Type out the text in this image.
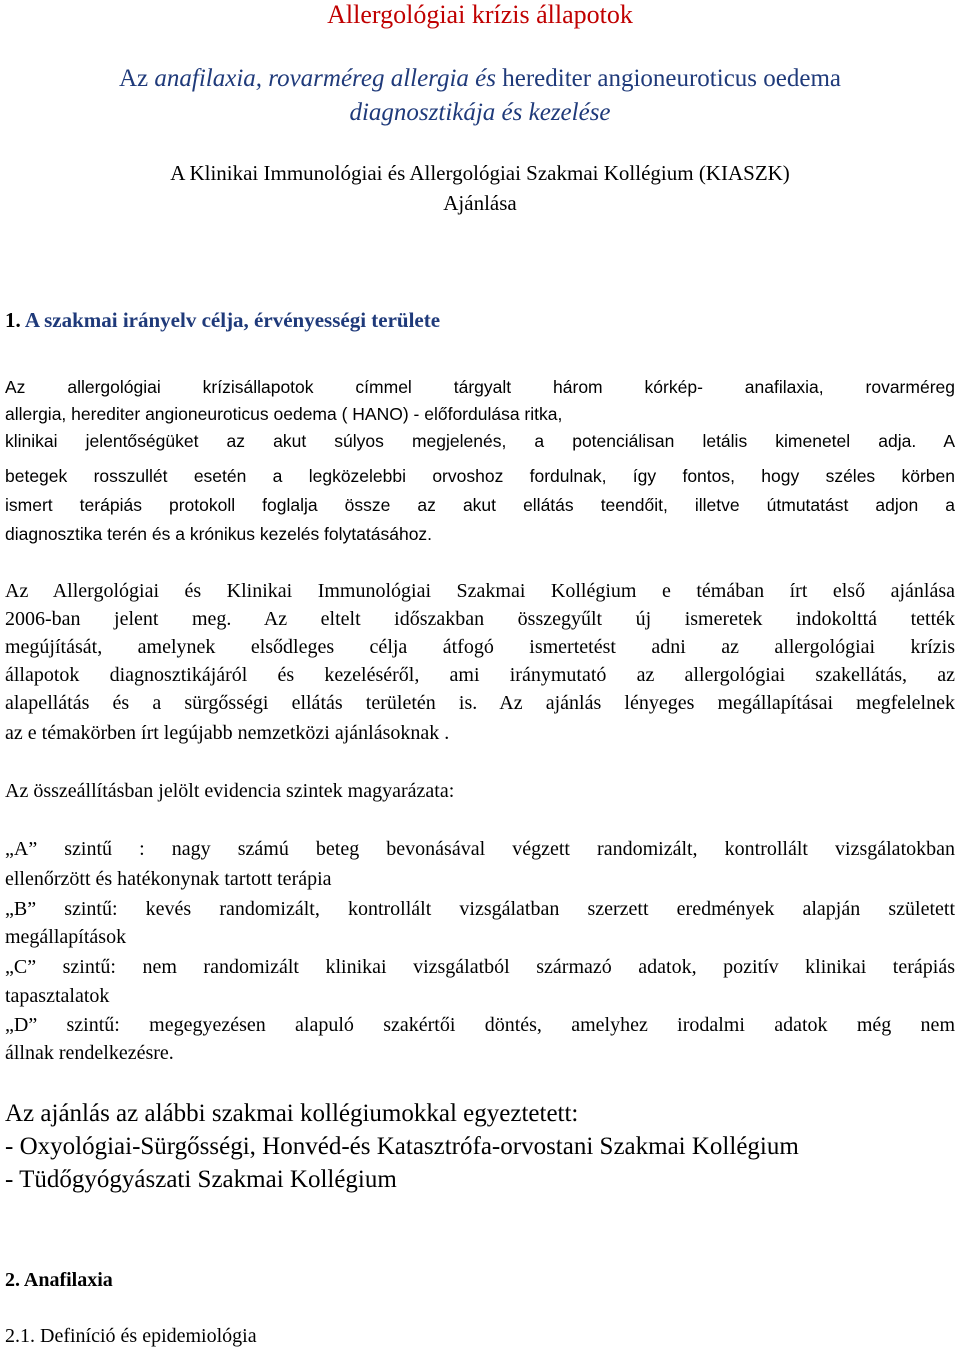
Allergológiai krízis állapotok
Az anafilaxia, rovarméreg allergia és herediter angioneuroticus oedema
diagnosztikája és kezelése
A Klinikai Immunológiai és Allergológiai Szakmai Kollégium (KIASZK)
Ajánlása
1. A szakmai irányelv célja, érvényességi területe
Az allergológiai krízisállapotok címmel tárgyalt három kórkép- anafilaxia, rovarméreg
allergia, herediter angioneuroticus oedema ( HANO) - előfordulása ritka,
klinikai jelentőségüket az akut súlyos megjelenés, a potenciálisan letális kimenetel adja. A
betegek rosszullét esetén a legközelebbi orvoshoz fordulnak, így fontos, hogy széles körben
ismert terápiás protokoll foglalja össze az akut ellátás teendőit, illetve útmutatást adjon a
diagnosztika terén és a krónikus kezelés folytatásához.
Az Allergológiai és Klinikai Immunológiai Szakmai Kollégium e témában írt első ajánlása
2006-ban jelent meg. Az eltelt időszakban összegyűlt új ismeretek indokolttá tették
megújítását, amelynek elsődleges célja átfogó ismertetést adni az allergológiai krízis
állapotok diagnosztikájáról és kezeléséről, ami iránymutató az allergológiai szakellátás, az
alapellátás és a sürgősségi ellátás területén is. Az ajánlás lényeges megállapításai megfelelnek
az e témakörben írt legújabb nemzetközi ajánlásoknak .
Az összeállításban jelölt evidencia szintek magyarázata:
„A” szintű : nagy számú beteg bevonásával végzett randomizált, kontrollált vizsgálatokban
ellenőrzött és hatékonynak tartott terápia
„B” szintű: kevés randomizált, kontrollált vizsgálatban szerzett eredmények alapján született
megállapítások
„C” szintű: nem randomizált klinikai vizsgálatból származó adatok, pozitív klinikai terápiás
tapasztalatok
„D” szintű: megegyezésen alapuló szakértői döntés, amelyhez irodalmi adatok még nem
állnak rendelkezésre.
Az ajánlás az alábbi szakmai kollégiumokkal egyeztetett:
- Oxyológiai-Sürgősségi, Honvéd-és Katasztrófa-orvostani Szakmai Kollégium
- Tüdőgyógyászati Szakmai Kollégium
2. Anafilaxia
2.1. Definíció és epidemiológia
